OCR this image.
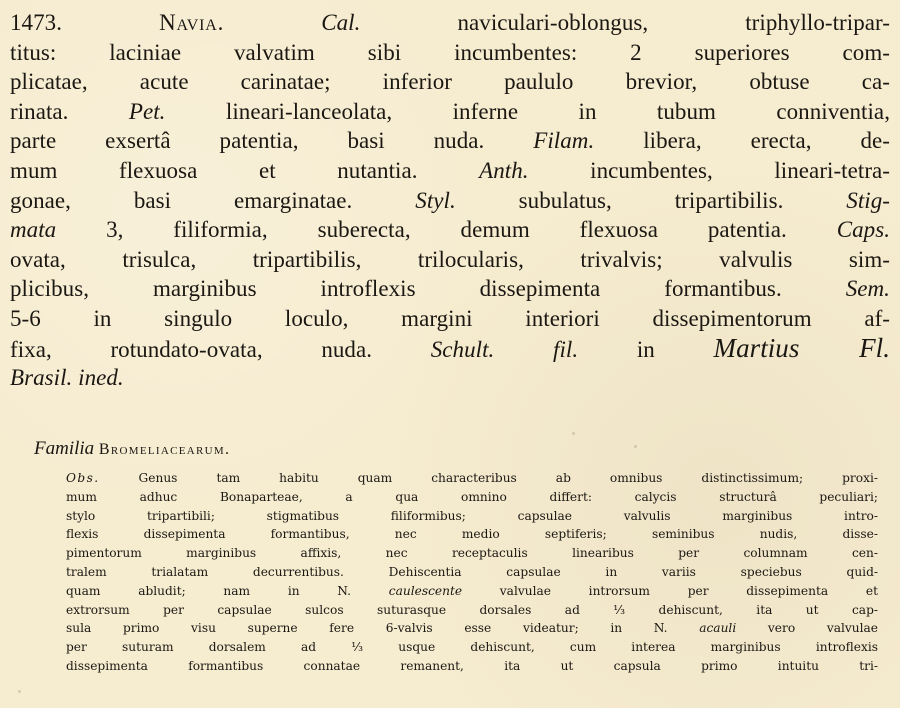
1473. Navia.	Cal. naviculari-oblongus, triphyllo-tripar-
titus: laciniae valvatim sibi incumbentes: 2 superiores com-
plicatae, acute carinatae; inferior paululo brevior, obtuse ca-
rinata. Pet. lineari-lanceolata, inferne in tubum conniventia,
parte exsertâ patentia, basi nuda. Filam. libera, erecta, de-
mum flexuosa et nutantia. Anth. incumbentes, lineari-tetra-
gonae, basi emarginatae. Styl. subulatus, tripartibilis. Stig-
mata 3, filiformia, suberecta, demum flexuosa patentia. Caps.
ovata, trisulca, tripartibilis, trilocularis, trivalvis; valvulis sim-
plicibus, marginibus introflexis dissepimenta formantibus. Sem.
5-6 in singulo loculo, margini interiori dissepimentorum af-
fixa, rotundato-ovata, nuda. Schult. fil. in Martius Fl.
Brasil. ined.
Familia Bromeliacearum.
Obs. Genus tam habitu quam characteribus ab omnibus distinctissimum; proxi-
mum adhuc Bonaparteae, a qua omnino differt: calycis structurâ peculiari;
stylo tripartibili; stigmatibus filiformibus; capsulae valvulis marginibus intro-
flexis dissepimenta formantibus, nec medio septiferis; seminibus nudis, disse-
pimentorum marginibus affixis, nec receptaculis linearibus per columnam cen-
tralem trialatam decurrentibus. Dehiscentia capsulae in variis speciebus quid-
quam abludit; nam in N. caulescente valvulae introrsum per dissepimenta et
extrorsum per capsulae sulcos suturasque dorsales ad ⅓ dehiscunt, ita ut cap-
sula primo visu superne fere 6-valvis esse videatur; in N. acauli vero valvulae
per suturam dorsalem ad ⅓ usque dehiscunt, cum interea marginibus introflexis
dissepimenta formantibus connatae remanent, ita ut capsula primo intuitu tri-
